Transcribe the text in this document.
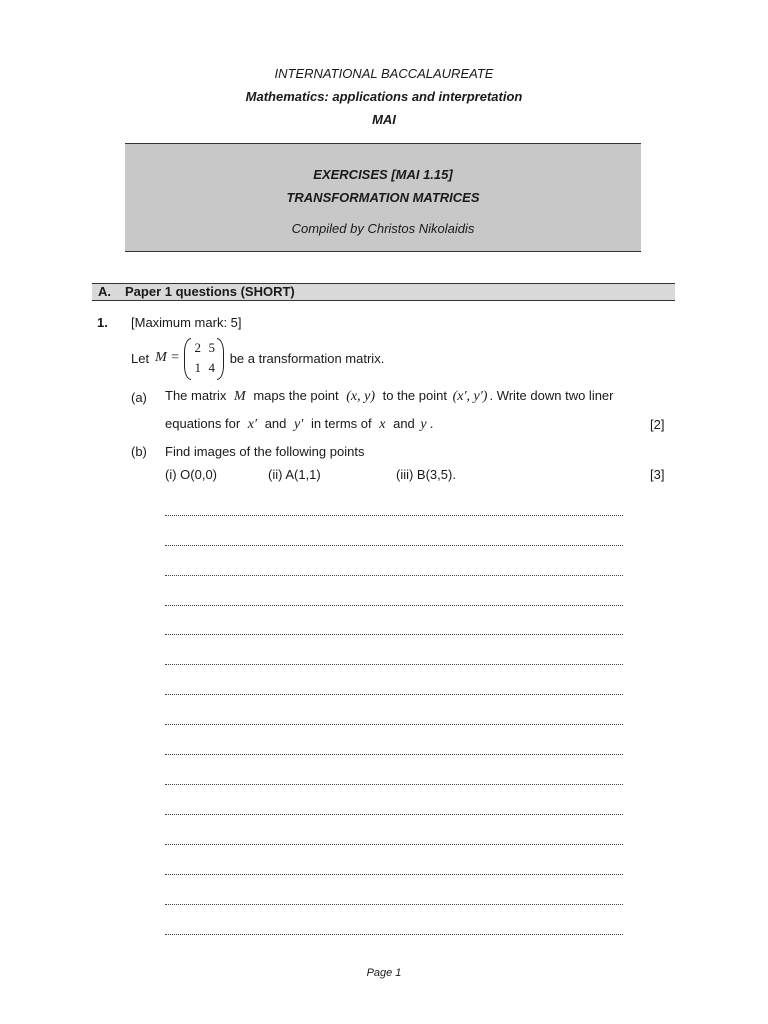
INTERNATIONAL BACCALAUREATE
Mathematics: applications and interpretation
MAI
EXERCISES [MAI 1.15]
TRANSFORMATION MATRICES
Compiled by Christos Nikolaidis
A. Paper 1 questions (SHORT)
1. [Maximum mark: 5]
Let M =
2 5
1 4
be a transformation matrix.
(a) The matrix M maps the point (x, y) to the point (x′, y′) . Write down two liner
equations for x′ and y′ in terms of x and y .	[2]
(b) Find images of the following points
(i) O(0,0)	(ii) A(1,1)	(iii) B(3,5).	[3]
Page 1
